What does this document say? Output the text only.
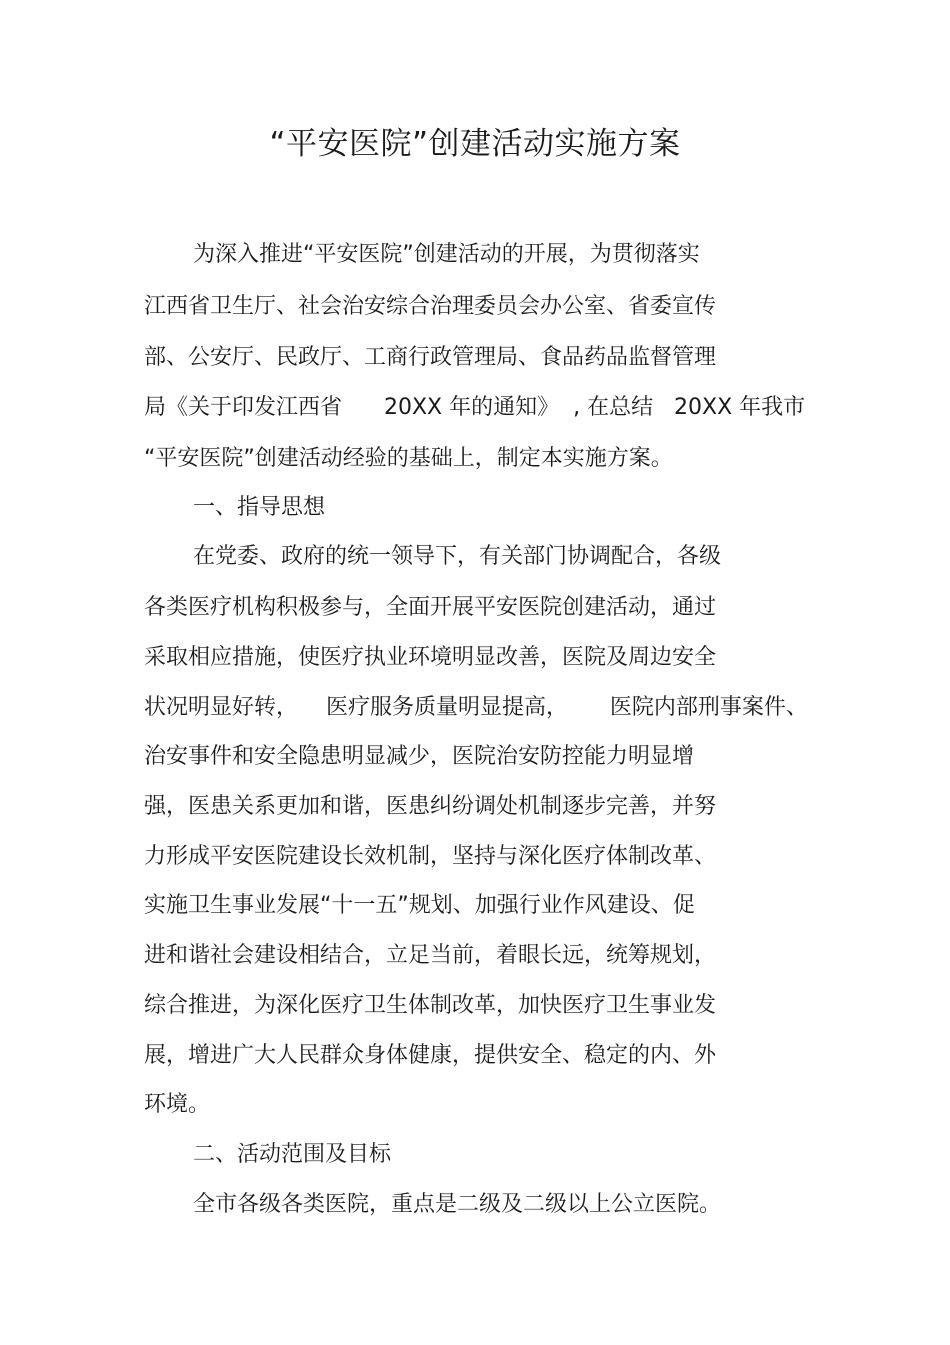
“平安医院”创建活动实施方案
为深入推进“平安医院”创建活动的开展，为贯彻落实
江西省卫生厅、社会治安综合治理委员会办公室、省委宣传
部、公安厅、民政厅、工商行政管理局、食品药品监督管理
局《关于印发江西省      20XX 年的通知》  , 在总结   20XX 年我市
“平安医院”创建活动经验的基础上，制定本实施方案。
一、指导思想
在党委、政府的统一领导下，有关部门协调配合，各级
各类医疗机构积极参与，全面开展平安医院创建活动，通过
采取相应措施，使医疗执业环境明显改善，医院及周边安全
状况明显好转，    医疗服务质量明显提高，      医院内部刑事案件、
治安事件和安全隐患明显减少，医院治安防控能力明显增
强，医患关系更加和谐，医患纠纷调处机制逐步完善，并努
力形成平安医院建设长效机制，坚持与深化医疗体制改革、
实施卫生事业发展“十一五”规划、加强行业作风建设、促
进和谐社会建设相结合，立足当前，着眼长远，统筹规划，
综合推进，为深化医疗卫生体制改革，加快医疗卫生事业发
展，增进广大人民群众身体健康，提供安全、稳定的内、外
环境。
二、活动范围及目标
全市各级各类医院，重点是二级及二级以上公立医院。
